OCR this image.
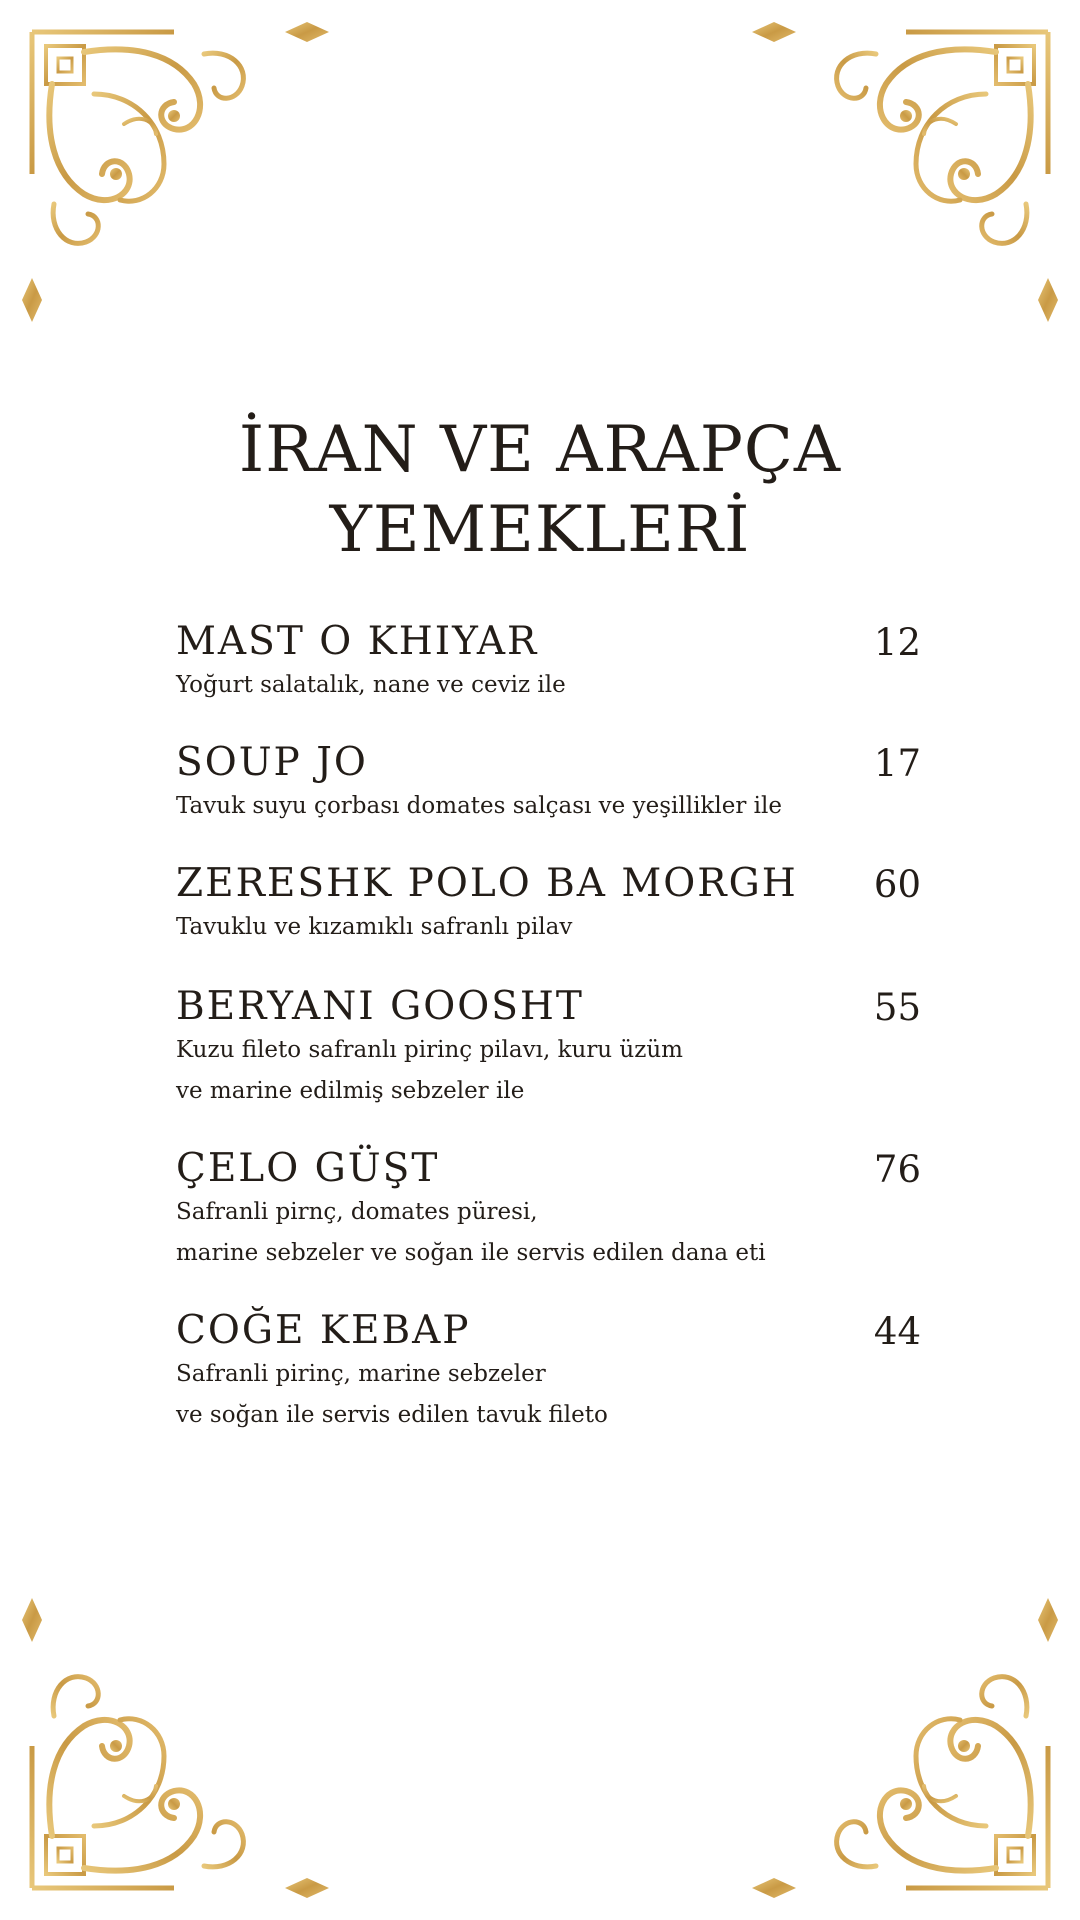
İRAN VE ARAPÇA
YEMEKLERİ
MAST O KHIYAR	12
Yoğurt salatalık, nane ve ceviz ile
SOUP JO	17
Tavuk suyu çorbası domates salçası ve yeşillikler ile
ZERESHK POLO BA MORGH 60
Tavuklu ve kızamıklı safranlı pilav
BERYANI GOOSHT	55
Kuzu fileto safranlı pirinç pilavı, kuru üzüm
ve marine edilmiş sebzeler ile
ÇELO GÜŞT	76
Safranli pirnç, domates püresi,
marine sebzeler ve soğan ile servis edilen dana eti
COĞE KEBAP	44
Safranli pirinç, marine sebzeler
ve soğan ile servis edilen tavuk fileto
